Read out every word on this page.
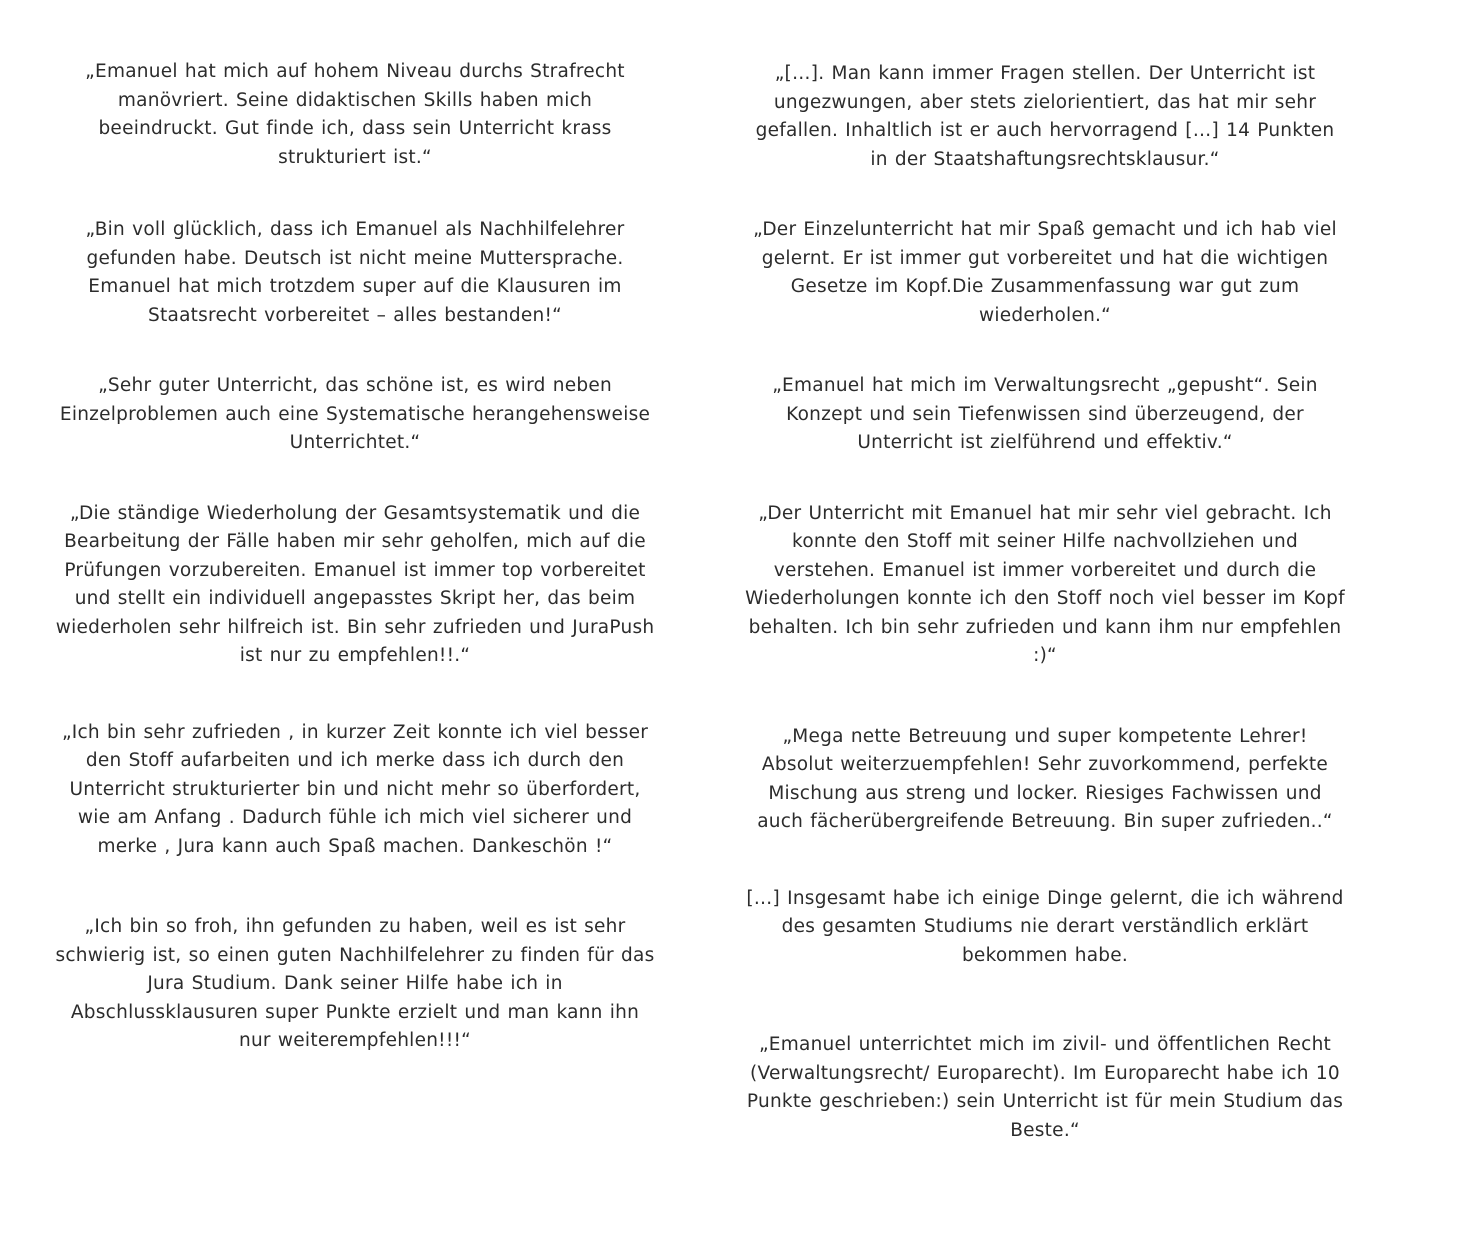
„Emanuel hat mich auf hohem Niveau durchs Strafrecht manövriert. Seine didaktischen Skills haben mich beeindruckt. Gut finde ich, dass sein Unterricht krass strukturiert ist.“

„Bin voll glücklich, dass ich Emanuel als Nachhilfelehrer gefunden habe. Deutsch ist nicht meine Muttersprache. Emanuel hat mich trotzdem super auf die Klausuren im Staatsrecht vorbereitet – alles bestanden!“

„Sehr guter Unterricht, das schöne ist, es wird neben Einzelproblemen auch eine Systematische herangehensweise Unterrichtet.“

„Die ständige Wiederholung der Gesamtsystematik und die Bearbeitung der Fälle haben mir sehr geholfen, mich auf die Prüfungen vorzubereiten. Emanuel ist immer top vorbereitet und stellt ein individuell angepasstes Skript her, das beim wiederholen sehr hilfreich ist. Bin sehr zufrieden und JuraPush ist nur zu empfehlen!!.“

„Ich bin sehr zufrieden , in kurzer Zeit konnte ich viel besser den Stoff aufarbeiten und ich merke dass ich durch den Unterricht strukturierter bin und nicht mehr so überfordert, wie am Anfang . Dadurch fühle ich mich viel sicherer und merke , Jura kann auch Spaß machen. Dankeschön !“

„Ich bin so froh, ihn gefunden zu haben, weil es ist sehr schwierig ist, so einen guten Nachhilfelehrer zu finden für das Jura Studium. Dank seiner Hilfe habe ich in Abschlussklausuren super Punkte erzielt und man kann ihn nur weiterempfehlen!!!“

„[…]. Man kann immer Fragen stellen. Der Unterricht ist ungezwungen, aber stets zielorientiert, das hat mir sehr gefallen. Inhaltlich ist er auch hervorragend […] 14 Punkten in der Staatshaftungsrechtsklausur.“

„Der Einzelunterricht hat mir Spaß gemacht und ich hab viel gelernt. Er ist immer gut vorbereitet und hat die wichtigen Gesetze im Kopf.Die Zusammenfassung war gut zum wiederholen.“

„Emanuel hat mich im Verwaltungsrecht „gepusht“. Sein Konzept und sein Tiefenwissen sind überzeugend, der Unterricht ist zielführend und effektiv.“

„Der Unterricht mit Emanuel hat mir sehr viel gebracht. Ich konnte den Stoff mit seiner Hilfe nachvollziehen und verstehen. Emanuel ist immer vorbereitet und durch die Wiederholungen konnte ich den Stoff noch viel besser im Kopf behalten. Ich bin sehr zufrieden und kann ihm nur empfehlen :)“

„Mega nette Betreuung und super kompetente Lehrer! Absolut weiterzuempfehlen! Sehr zuvorkommend, perfekte Mischung aus streng und locker. Riesiges Fachwissen und auch fächerübergreifende Betreuung. Bin super zufrieden..“

[…] Insgesamt habe ich einige Dinge gelernt, die ich während des gesamten Studiums nie derart verständlich erklärt bekommen habe.

„Emanuel unterrichtet mich im zivil- und öffentlichen Recht (Verwaltungsrecht/ Europarecht). Im Europarecht habe ich 10 Punkte geschrieben:) sein Unterricht ist für mein Studium das Beste.“
